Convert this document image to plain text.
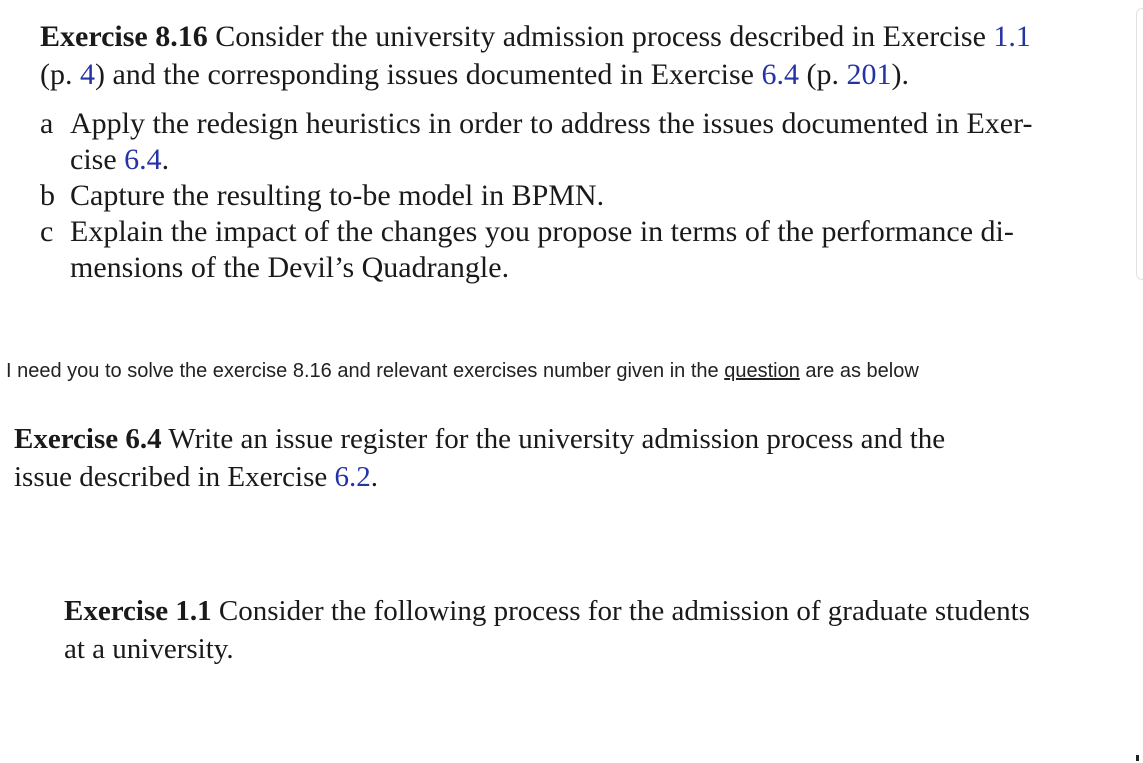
Exercise 8.16 Consider the university admission process described in Exercise 1.1
(p. 4) and the corresponding issues documented in Exercise 6.4 (p. 201).

a Apply the redesign heuristics in order to address the issues documented in Exer-
cise 6.4.
b Capture the resulting to-be model in BPMN.
c Explain the impact of the changes you propose in terms of the performance di-
mensions of the Devil’s Quadrangle.
I need you to solve the exercise 8.16 and relevant exercises number given in the question are as below
Exercise 6.4 Write an issue register for the university admission process and the
issue described in Exercise 6.2.
Exercise 1.1 Consider the following process for the admission of graduate students
at a university.
